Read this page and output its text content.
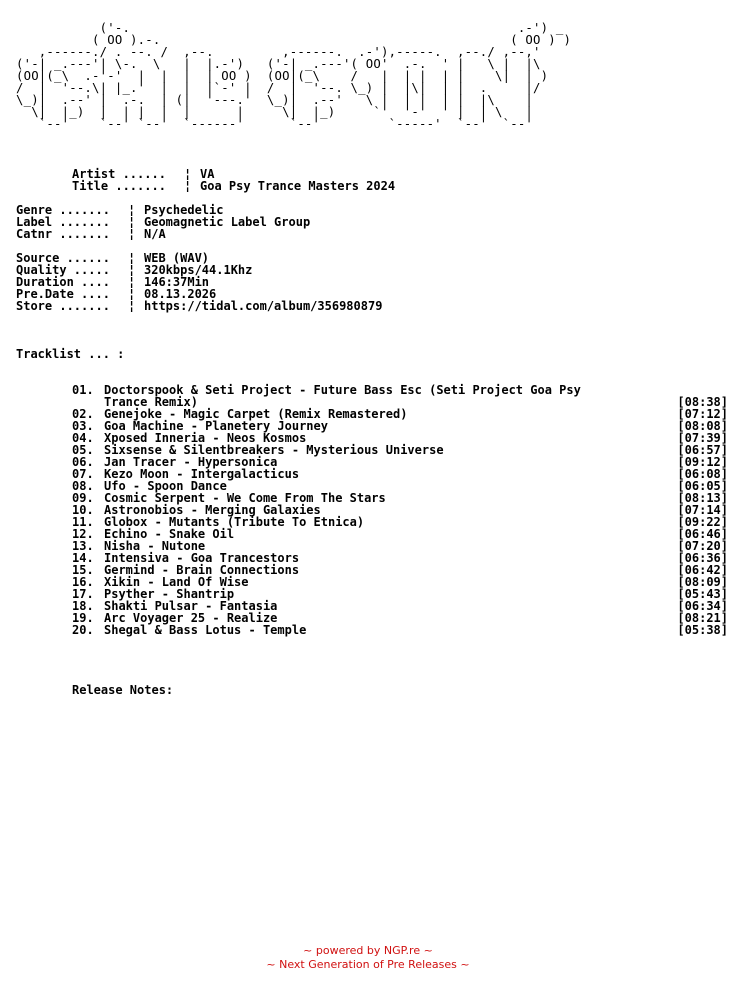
('-.                                                   .-') _
( OO ).-.                                              ( OO ) )
,------./ . --. /  ,--.         ,------.  .-'),-----.  ,--./ ,--,'
('-| _.---'| \-.  \   |  |.-')   ('-| _.---'( OO'  .-.  ' |   \ |  |\
(OO|(_\  .-'-'  |  |  |  | OO )  (OO|(_\    /   |  | |  | |    \|  | )
/  |  '--.\| |_.'  |  |  |`-' |  /  |  '--. \_) |  |\|  | |  .     |/
\_)|  .--' |  .-.  | (|  '---.'  \_)|  .--'   \ |  | |  | |  |\    |
\|  |_)  |  | |  |  |      |     \|  |_)     `'  '-'  ' |  | \   |
`--'    `--' `--'  `------'      `--'         `-----'  `--'  `--'
Artist ...... ¦ VA
Title ....... ¦ Goa Psy Trance Masters 2024
Genre ....... ¦ Psychedelic
Label ....... ¦ Geomagnetic Label Group
Catnr ....... ¦ N/A
Source ...... ¦ WEB (WAV)
Quality ..... ¦ 320kbps/44.1Khz
Duration .... ¦ 146:37Min
Pre.Date .... ¦ 08.13.2026
Store ....... ¦ https://tidal.com/album/356980879
Tracklist ... :
01. Doctorspook & Seti Project - Future Bass Esc (Seti Project Goa Psy
Trance Remix)	[08:38]
02. Genejoke - Magic Carpet (Remix Remastered)	[07:12]
03. Goa Machine - Planetery Journey	[08:08]
04. Xposed Inneria - Neos Kosmos	[07:39]
05. Sixsense & Silentbreakers - Mysterious Universe	[06:57]
06. Jan Tracer - Hypersonica	[09:12]
07. Kezo Moon - Intergalacticus	[06:08]
08. Ufo - Spoon Dance	[06:05]
09. Cosmic Serpent - We Come From The Stars	[08:13]
10. Astronobios - Merging Galaxies	[07:14]
11. Globox - Mutants (Tribute To Etnica)	[09:22]
12. Echino - Snake Oil	[06:46]
13. Nisha - Nutone	[07:20]
14. Intensiva - Goa Trancestors	[06:36]
15. Germind - Brain Connections	[06:42]
16. Xikin - Land Of Wise	[08:09]
17. Psyther - Shantrip	[05:43]
18. Shakti Pulsar - Fantasia	[06:34]
19. Arc Voyager 25 - Realize	[08:21]
20. Shegal & Bass Lotus - Temple	[05:38]
Release Notes:
~ powered by NGP.re ~
~ Next Generation of Pre Releases ~
